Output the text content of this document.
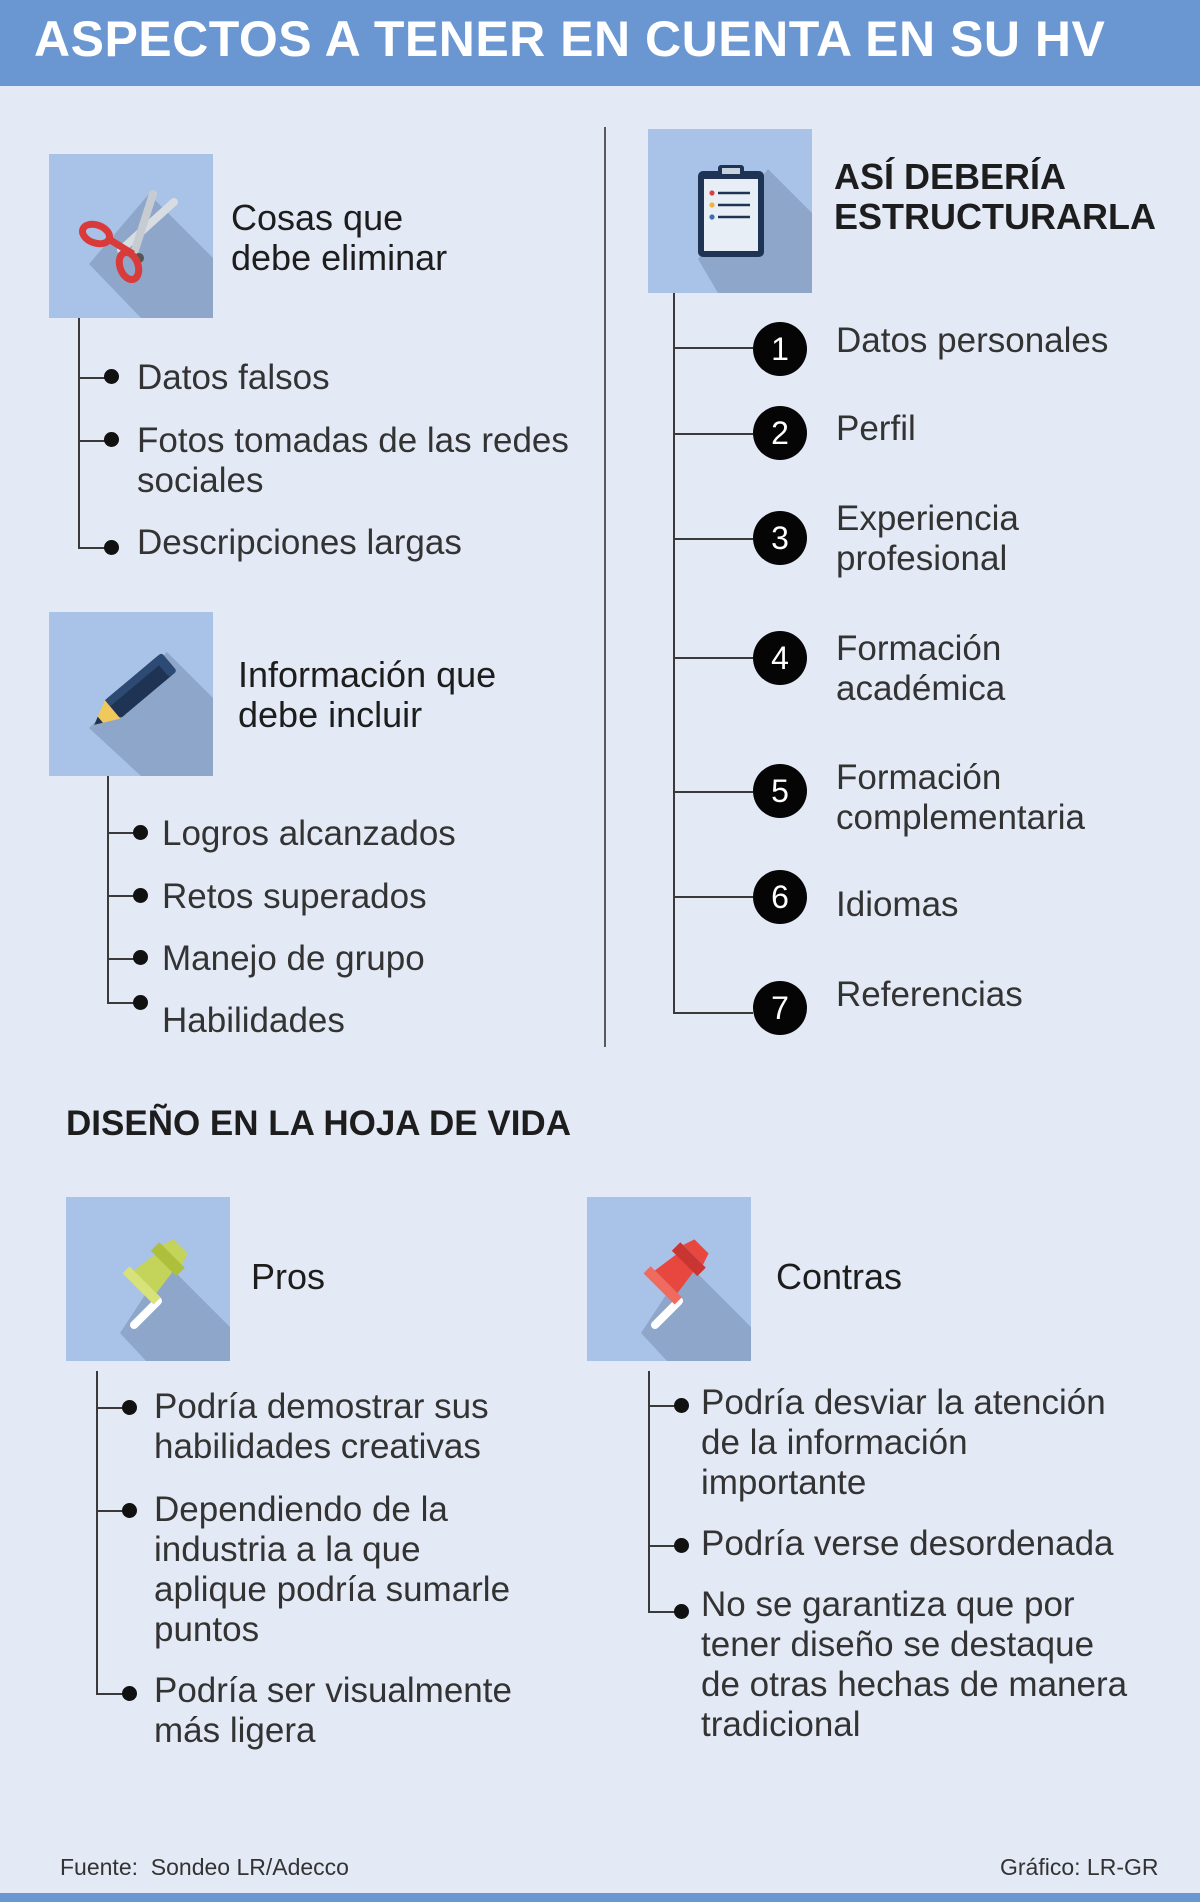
ASPECTOS A TENER EN CUENTA EN SU HV
Cosas que
debe eliminar
Datos falsos
Fotos tomadas de las redes
sociales
Descripciones largas
Información que
debe incluir
Logros alcanzados
Retos superados
Manejo de grupo
Habilidades
ASÍ DEBERÍA
ESTRUCTURARLA
1
2
3
4
5
6
7
Datos personales
Perfil
Experiencia
profesional
Formación
académica
Formación
complementaria
Idiomas
Referencias
DISEÑO EN LA HOJA DE VIDA
Pros
Podría demostrar sus
habilidades creativas
Dependiendo de la
industria a la que
aplique podría sumarle
puntos
Podría ser visualmente
más ligera
Contras
Podría desviar la atención
de la información
importante
Podría verse desordenada
No se garantiza que por
tener diseño se destaque
de otras hechas de manera
tradicional
Fuente:  Sondeo LR/Adecco	Gráfico: LR-GR
